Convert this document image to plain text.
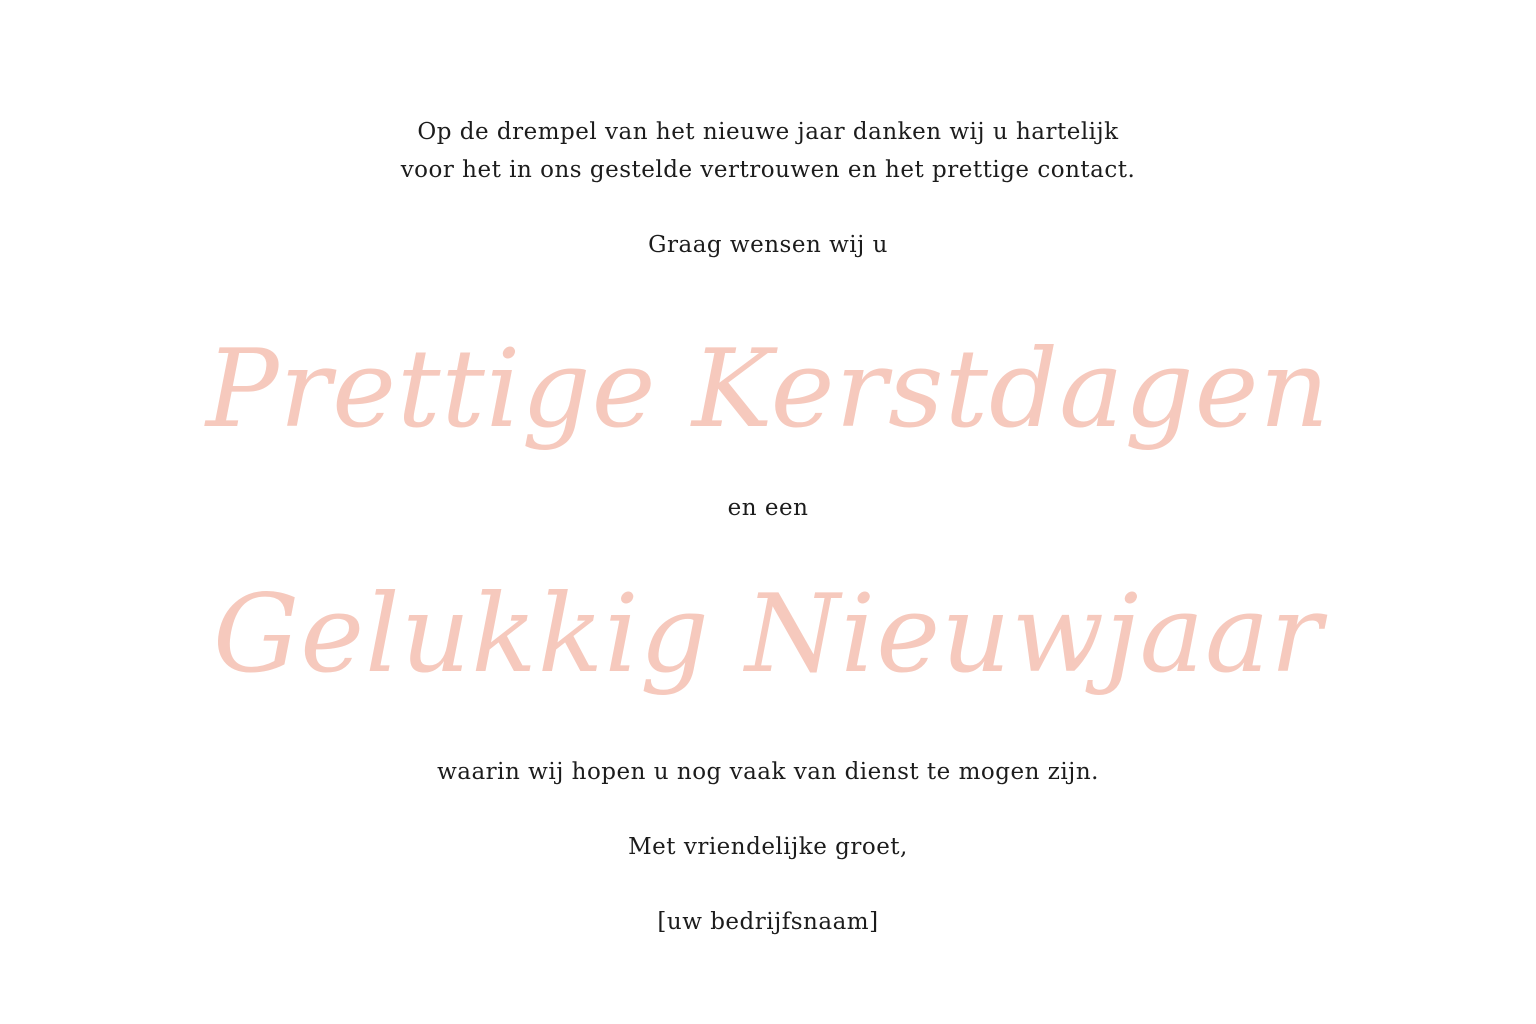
Op de drempel van het nieuwe jaar danken wij u hartelijk
voor het in ons gestelde vertrouwen en het prettige contact.
Graag wensen wij u
Prettige Kerstdagen
en een
Gelukkig Nieuwjaar
waarin wij hopen u nog vaak van dienst te mogen zijn.
Met vriendelijke groet,
[uw bedrijfsnaam]
